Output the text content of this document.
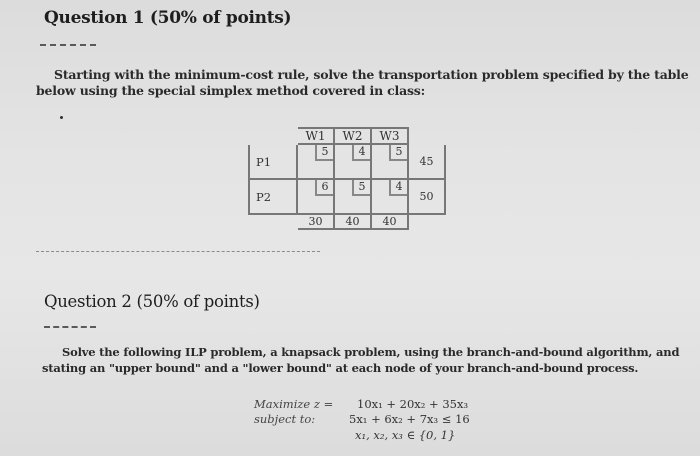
Question 1 (50% of points)
Starting with the minimum-cost rule, solve the transportation problem specified by the table below using the special simplex method covered in class:
	W1	W2	W3	
P1	5	4	5	45
P2	6	5	4	50
	30	40	40	
Question 2 (50% of points)
Solve the following ILP problem, a knapsack problem, using the branch-and-bound algorithm, and stating an "upper bound" and a "lower bound" at each node of your branch-and-bound process.
Maximize z =
subject to:
10x₁ + 20x₂ + 35x₃
5x₁ + 6x₂ + 7x₃ ≤ 16
x₁, x₂, x₃ ∈ {0, 1}
